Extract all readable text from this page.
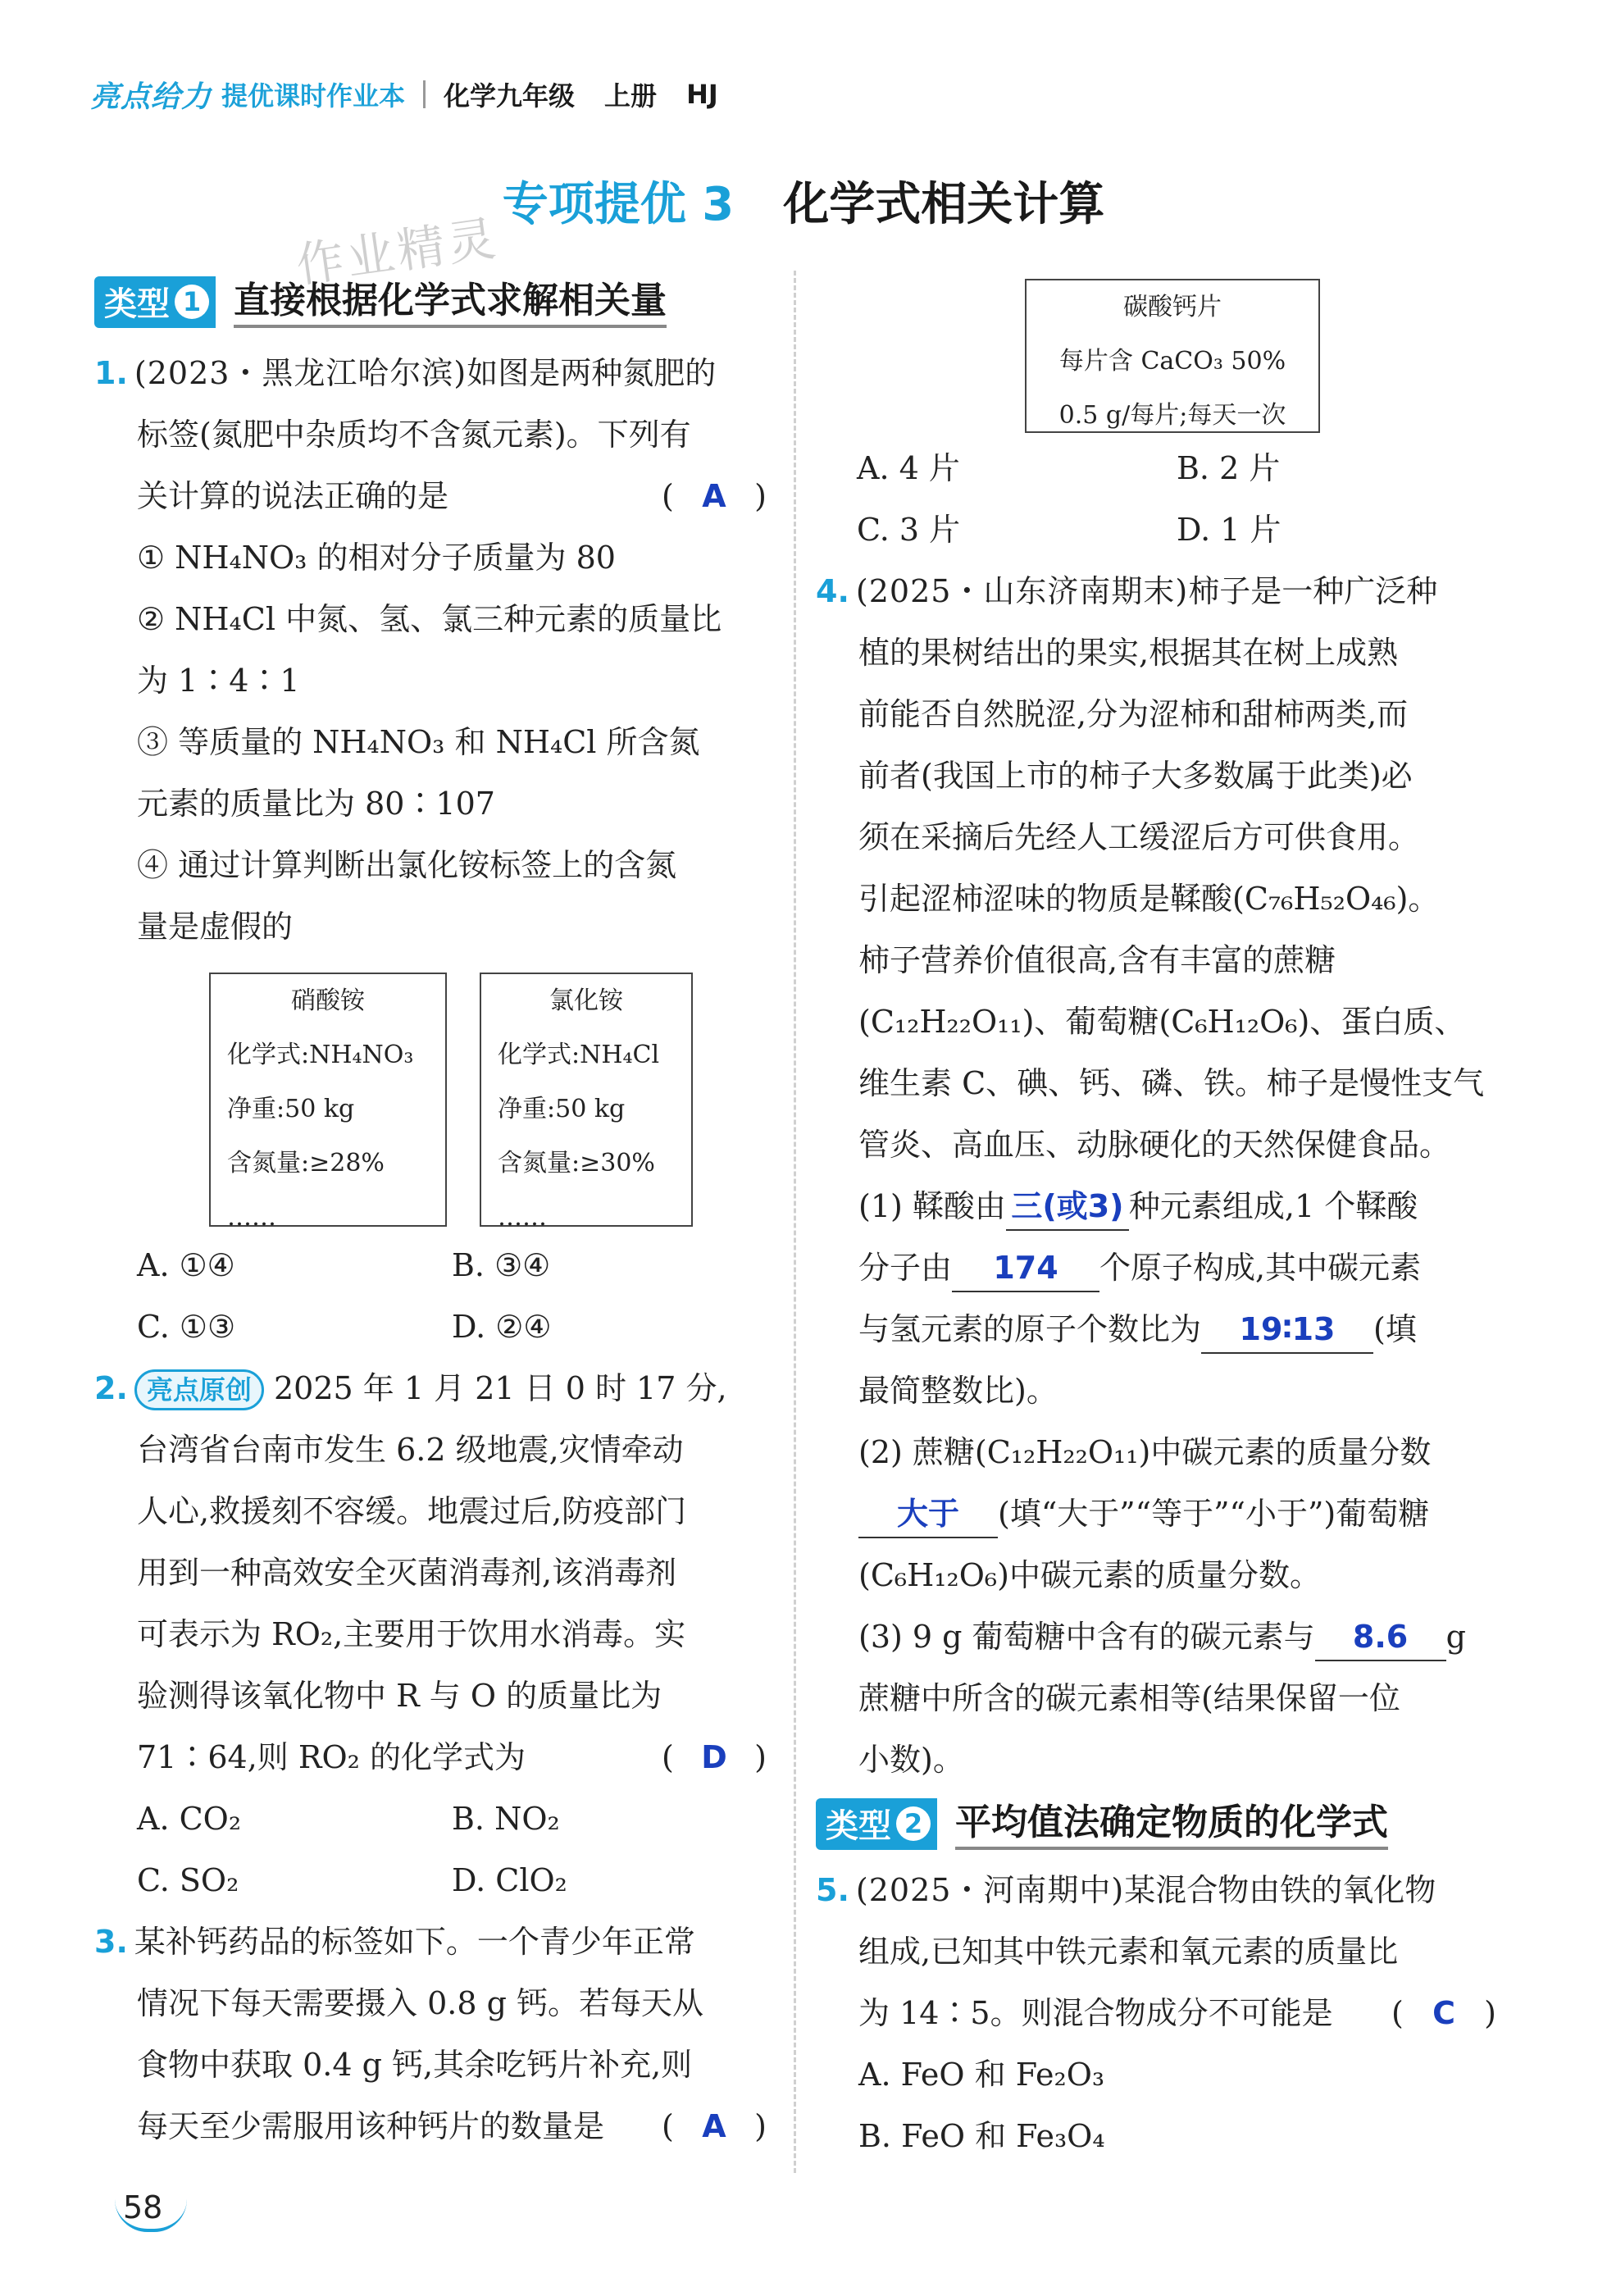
亮点给力 提优课时作业本 化学九年级 上册 HJ
专项提优 3 化学式相关计算
作业精灵
类型 1 直接根据化学式求解相关量
1. (2023・黑龙江哈尔滨)如图是两种氮肥的
标签(氮肥中杂质均不含氮元素)。下列有
关计算的说法正确的是	(  A  )
① NH₄NO₃ 的相对分子质量为 80
② NH₄Cl 中氮、氢、氯三种元素的质量比
为 1∶4∶1
③ 等质量的 NH₄NO₃ 和 NH₄Cl 所含氮
元素的质量比为 80∶107
④ 通过计算判断出氯化铵标签上的含氮
量是虚假的
硝酸铵
化学式:NH₄NO₃
净重:50 kg
含氮量:≥28%
……
氯化铵
化学式:NH₄Cl
净重:50 kg
含氮量:≥30%
……
A. ①④	B. ③④
C. ①③	D. ②④
2. 亮点原创 2025 年 1 月 21 日 0 时 17 分,
台湾省台南市发生 6.2 级地震,灾情牵动
人心,救援刻不容缓。地震过后,防疫部门
用到一种高效安全灭菌消毒剂,该消毒剂
可表示为 RO₂,主要用于饮用水消毒。实
验测得该氧化物中 R 与 O 的质量比为
71∶64,则 RO₂ 的化学式为	(  D  )
A. CO₂	B. NO₂
C. SO₂	D. ClO₂
3. 某补钙药品的标签如下。一个青少年正常
情况下每天需要摄入 0.8 g 钙。若每天从
食物中获取 0.4 g 钙,其余吃钙片补充,则
每天至少需服用该种钙片的数量是 (  A  )
碳酸钙片
每片含 CaCO₃ 50%
0.5 g/每片;每天一次
A. 4 片	B. 2 片
C. 3 片	D. 1 片
4. (2025・山东济南期末)柿子是一种广泛种
植的果树结出的果实,根据其在树上成熟
前能否自然脱涩,分为涩柿和甜柿两类,而
前者(我国上市的柿子大多数属于此类)必
须在采摘后先经人工缓涩后方可供食用。
引起涩柿涩味的物质是鞣酸(C₇₆H₅₂O₄₆)。
柿子营养价值很高,含有丰富的蔗糖
(C₁₂H₂₂O₁₁)、葡萄糖(C₆H₁₂O₆)、蛋白质、
维生素 C、碘、钙、磷、铁。柿子是慢性支气
管炎、高血压、动脉硬化的天然保健食品。
(1) 鞣酸由 三(或3) 种元素组成,1 个鞣酸
分子由 174 个原子构成,其中碳元素
与氢元素的原子个数比为 19∶13 (填
最简整数比)。
(2) 蔗糖(C₁₂H₂₂O₁₁)中碳元素的质量分数
大于 (填“大于”“等于”“小于”)葡萄糖
(C₆H₁₂O₆)中碳元素的质量分数。
(3) 9 g 葡萄糖中含有的碳元素与 8.6 g
蔗糖中所含的碳元素相等(结果保留一位
小数)。
类型 2 平均值法确定物质的化学式
5. (2025・河南期中)某混合物由铁的氧化物
组成,已知其中铁元素和氧元素的质量比
为 14∶5。则混合物成分不可能是 (  C  )
A. FeO 和 Fe₂O₃
B. FeO 和 Fe₃O₄
58
